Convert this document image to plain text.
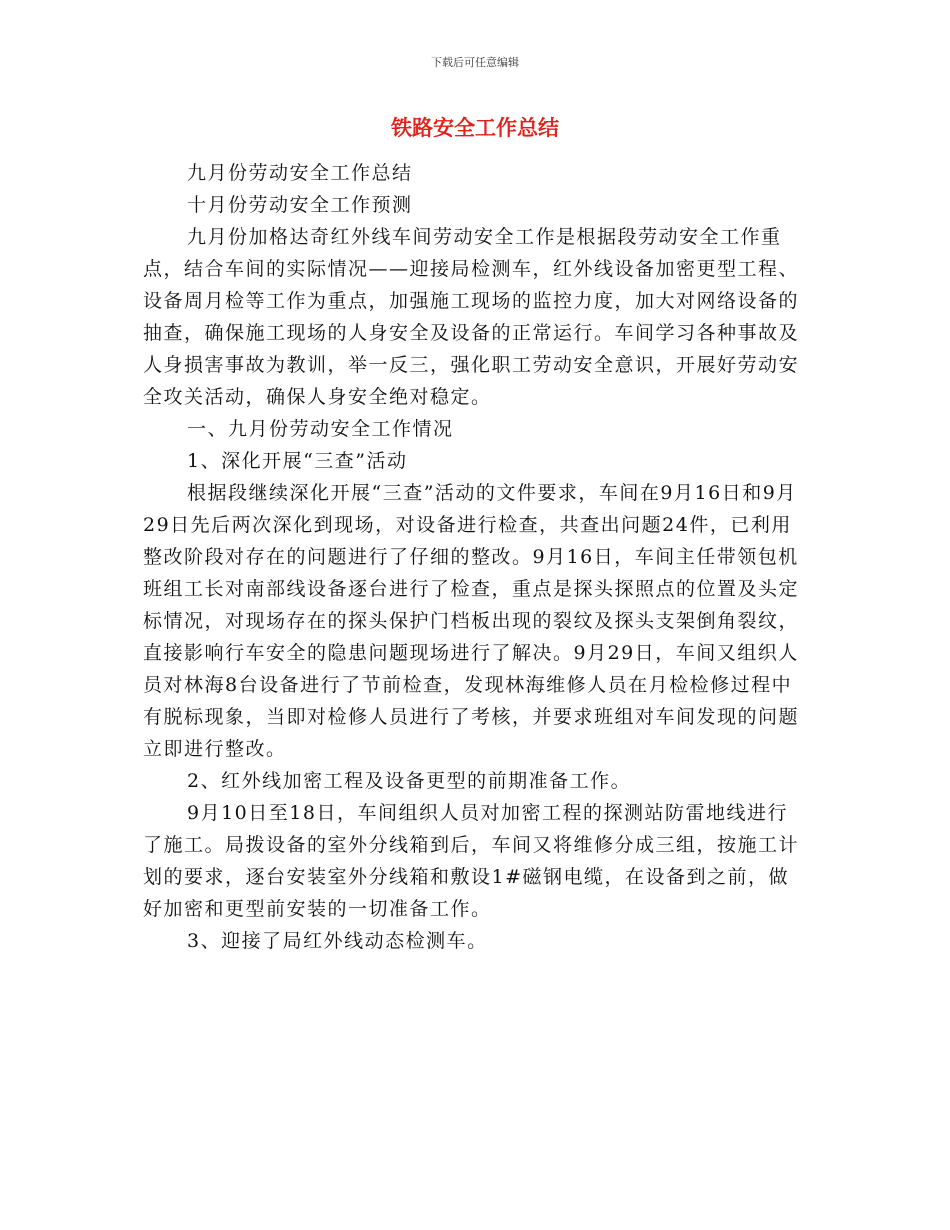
下载后可任意编辑
铁路安全工作总结

九月份劳动安全工作总结

十月份劳动安全工作预测

九月份加格达奇红外线车间劳动安全工作是根据段劳动安全工作重点，结合车间的实际情况——迎接局检测车，红外线设备加密更型工程、设备周月检等工作为重点，加强施工现场的监控力度，加大对网络设备的抽查，确保施工现场的人身安全及设备的正常运行。车间学习各种事故及人身损害事故为教训，举一反三，强化职工劳动安全意识，开展好劳动安全攻关活动，确保人身安全绝对稳定。

一、九月份劳动安全工作情况

1、深化开展“三查”活动

根据段继续深化开展“三查”活动的文件要求，车间在9月16日和9月29日先后两次深化到现场，对设备进行检查，共查出问题24件，已利用整改阶段对存在的问题进行了仔细的整改。9月16日，车间主任带领包机班组工长对南部线设备逐台进行了检查，重点是探头探照点的位置及头定标情况，对现场存在的探头保护门档板出现的裂纹及探头支架倒角裂纹，直接影响行车安全的隐患问题现场进行了解决。9月29日，车间又组织人员对林海8台设备进行了节前检查，发现林海维修人员在月检检修过程中有脱标现象，当即对检修人员进行了考核，并要求班组对车间发现的问题立即进行整改。

2、红外线加密工程及设备更型的前期准备工作。

9月10日至18日，车间组织人员对加密工程的探测站防雷地线进行了施工。局拨设备的室外分线箱到后，车间又将维修分成三组，按施工计划的要求，逐台安装室外分线箱和敷设1#磁钢电缆，在设备到之前，做好加密和更型前安装的一切准备工作。

3、迎接了局红外线动态检测车。
